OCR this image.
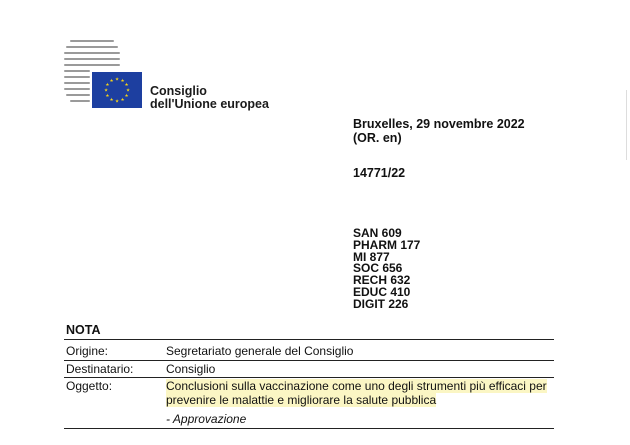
★ ★
★
★
★
★
★
★
★
★
★
★
Consiglio
dell'Unione europea
Bruxelles, 29 novembre 2022
(OR. en)
14771/22
SAN 609
PHARM 177
MI 877
SOC 656
RECH 632
EDUC 410
DIGIT 226
NOTA
Origine:	Segretariato generale del Consiglio
Destinatario:	Consiglio
Oggetto:	Conclusioni sulla vaccinazione come uno degli strumenti più efficaci per
prevenire le malattie e migliorare la salute pubblica
- Approvazione
